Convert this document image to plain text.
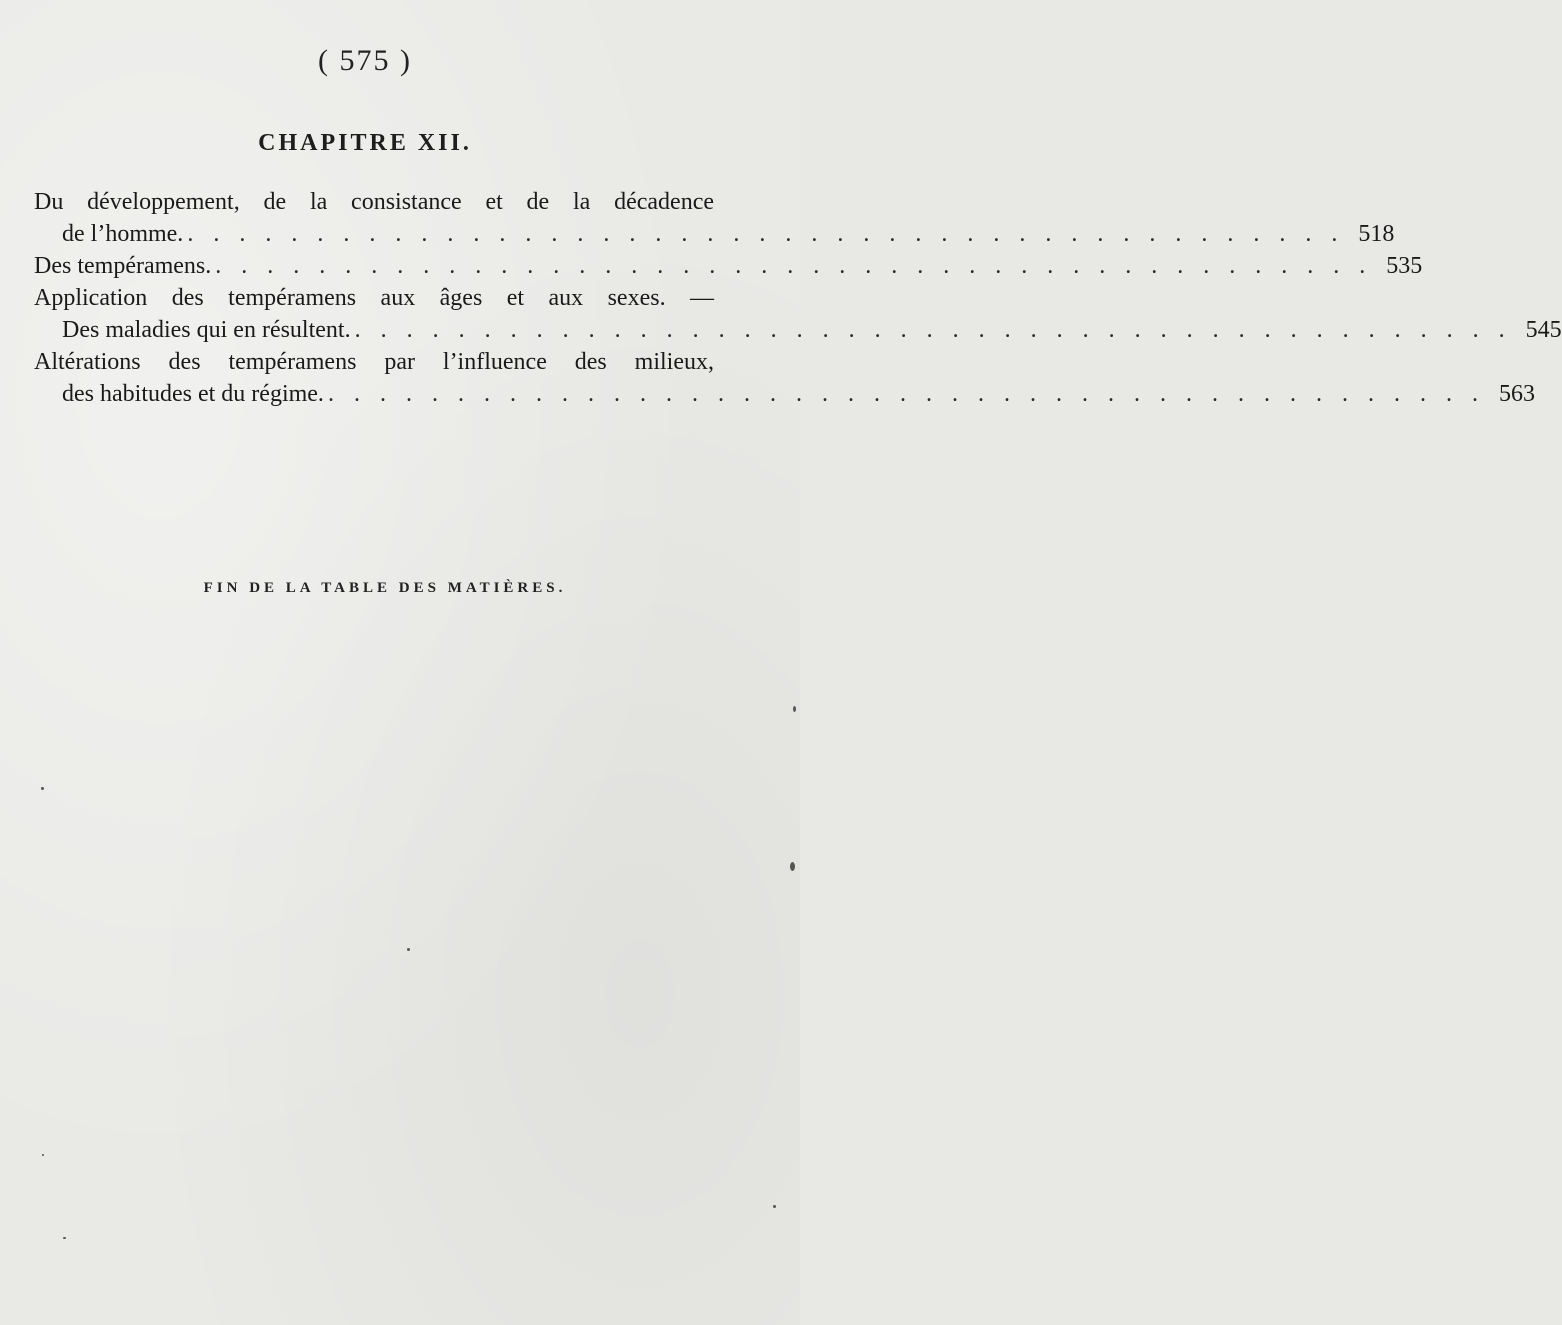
( 575 )
CHAPITRE XII.
Du développement, de la consistance et de la décadence
de l’homme. . . . . . . . . . . . . . . . . . . . . . . . . . . . . . . . . . . . . . . . . . . . . . 518
Des tempéramens. . . . . . . . . . . . . . . . . . . . . . . . . . . . . . . . . . . . . . . . . . . . . . 535
Application des tempéramens aux âges et aux sexes. —
Des maladies qui en résultent. . . . . . . . . . . . . . . . . . . . . . . . . . . . . . . . . . . . . . . . . . . . . . 545
Altérations des tempéramens par l’influence des milieux,
des habitudes et du régime. . . . . . . . . . . . . . . . . . . . . . . . . . . . . . . . . . . . . . . . . . . . . . 563
FIN DE LA TABLE DES MATIÈRES.
